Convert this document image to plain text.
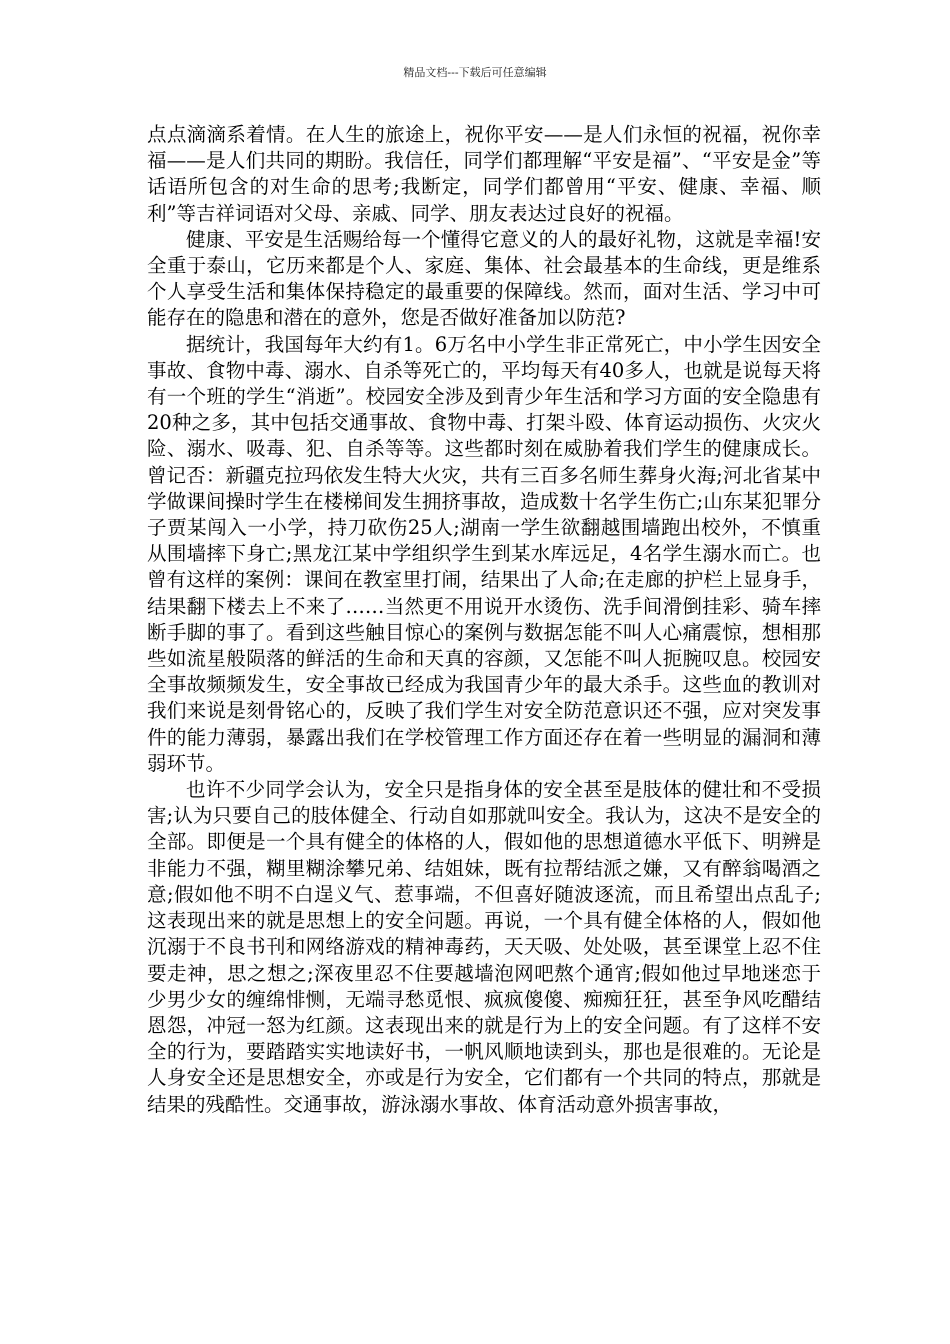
精品文档---下载后可任意编辑

点点滴滴系着情。在人生的旅途上，祝你平安——是人们永恒的祝福，祝你幸福——是人们共同的期盼。我信任，同学们都理解“平安是福”、“平安是金”等话语所包含的对生命的思考;我断定，同学们都曾用“平安、健康、幸福、顺利”等吉祥词语对父母、亲戚、同学、朋友表达过良好的祝福。

健康、平安是生活赐给每一个懂得它意义的人的最好礼物，这就是幸福!安全重于泰山，它历来都是个人、家庭、集体、社会最基本的生命线，更是维系个人享受生活和集体保持稳定的最重要的保障线。然而，面对生活、学习中可能存在的隐患和潜在的意外，您是否做好准备加以防范?

据统计，我国每年大约有1。6万名中小学生非正常死亡，中小学生因安全事故、食物中毒、溺水、自杀等死亡的，平均每天有40多人，也就是说每天将有一个班的学生“消逝”。校园安全涉及到青少年生活和学习方面的安全隐患有20种之多，其中包括交通事故、食物中毒、打架斗殴、体育运动损伤、火灾火险、溺水、吸毒、犯、自杀等等。这些都时刻在威胁着我们学生的健康成长。曾记否：新疆克拉玛依发生特大火灾，共有三百多名师生葬身火海;河北省某中学做课间操时学生在楼梯间发生拥挤事故，造成数十名学生伤亡;山东某犯罪分子贾某闯入一小学，持刀砍伤25人;湖南一学生欲翻越围墙跑出校外，不慎重从围墙摔下身亡;黑龙江某中学组织学生到某水库远足，4名学生溺水而亡。也曾有这样的案例：课间在教室里打闹，结果出了人命;在走廊的护栏上显身手，结果翻下楼去上不来了……当然更不用说开水烫伤、洗手间滑倒挂彩、骑车摔断手脚的事了。看到这些触目惊心的案例与数据怎能不叫人心痛震惊，想相那些如流星般陨落的鲜活的生命和天真的容颜，又怎能不叫人扼腕叹息。校园安全事故频频发生，安全事故已经成为我国青少年的最大杀手。这些血的教训对我们来说是刻骨铭心的，反映了我们学生对安全防范意识还不强，应对突发事件的能力薄弱，暴露出我们在学校管理工作方面还存在着一些明显的漏洞和薄弱环节。

也许不少同学会认为，安全只是指身体的安全甚至是肢体的健壮和不受损害;认为只要自己的肢体健全、行动自如那就叫安全。我认为，这决不是安全的全部。即便是一个具有健全的体格的人，假如他的思想道德水平低下、明辨是非能力不强，糊里糊涂攀兄弟、结姐妹，既有拉帮结派之嫌，又有醉翁喝酒之意;假如他不明不白逞义气、惹事端，不但喜好随波逐流，而且希望出点乱子;这表现出来的就是思想上的安全问题。再说，一个具有健全体格的人，假如他沉溺于不良书刊和网络游戏的精神毒药，天天吸、处处吸，甚至课堂上忍不住要走神，思之想之;深夜里忍不住要越墙泡网吧熬个通宵;假如他过早地迷恋于少男少女的缠绵悱恻，无端寻愁觅恨、疯疯傻傻、痴痴狂狂，甚至争风吃醋结恩怨，冲冠一怒为红颜。这表现出来的就是行为上的安全问题。有了这样不安全的行为，要踏踏实实地读好书，一帆风顺地读到头，那也是很难的。无论是人身安全还是思想安全，亦或是行为安全，它们都有一个共同的特点，那就是结果的残酷性。交通事故，游泳溺水事故、体育活动意外损害事故，
